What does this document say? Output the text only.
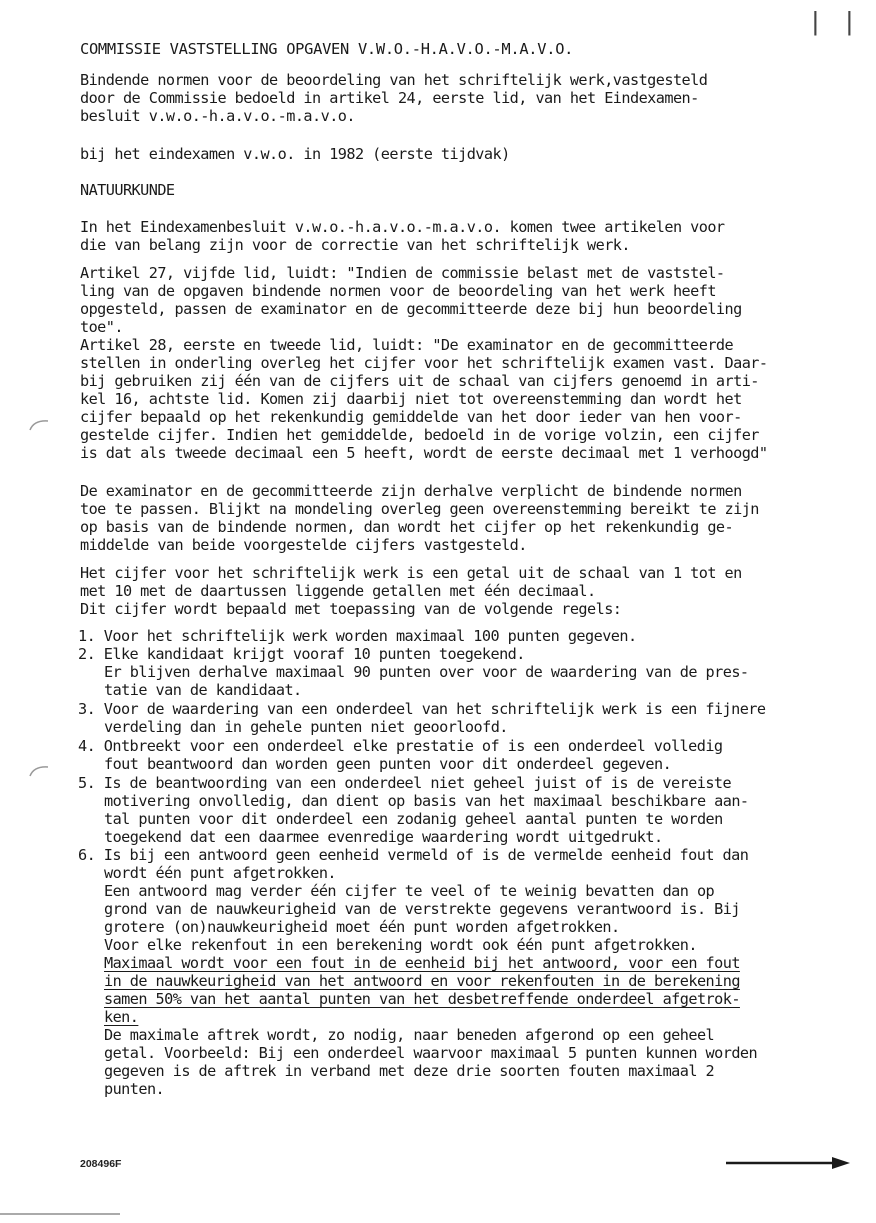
| |
COMMISSIE VASTSTELLING OPGAVEN V.W.O.-H.A.V.O.-M.A.V.O.
Bindende normen voor de beoordeling van het schriftelijk werk,vastgesteld
door de Commissie bedoeld in artikel 24, eerste lid, van het Eindexamen-
besluit v.w.o.-h.a.v.o.-m.a.v.o.
bij het eindexamen v.w.o. in 1982 (eerste tijdvak)
NATUURKUNDE
In het Eindexamenbesluit v.w.o.-h.a.v.o.-m.a.v.o. komen twee artikelen voor
die van belang zijn voor de correctie van het schriftelijk werk.
Artikel 27, vijfde lid, luidt: "Indien de commissie belast met de vaststel-
ling van de opgaven bindende normen voor de beoordeling van het werk heeft
opgesteld, passen de examinator en de gecommitteerde deze bij hun beoordeling
toe".
Artikel 28, eerste en tweede lid, luidt: "De examinator en de gecommitteerde
stellen in onderling overleg het cijfer voor het schriftelijk examen vast. Daar-
bij gebruiken zij één van de cijfers uit de schaal van cijfers genoemd in arti-
kel 16, achtste lid. Komen zij daarbij niet tot overeenstemming dan wordt het
cijfer bepaald op het rekenkundig gemiddelde van het door ieder van hen voor-
gestelde cijfer. Indien het gemiddelde, bedoeld in de vorige volzin, een cijfer
is dat als tweede decimaal een 5 heeft, wordt de eerste decimaal met 1 verhoogd"
De examinator en de gecommitteerde zijn derhalve verplicht de bindende normen
toe te passen. Blijkt na mondeling overleg geen overeenstemming bereikt te zijn
op basis van de bindende normen, dan wordt het cijfer op het rekenkundig ge-
middelde van beide voorgestelde cijfers vastgesteld.
Het cijfer voor het schriftelijk werk is een getal uit de schaal van 1 tot en
met 10 met de daartussen liggende getallen met één decimaal.
Dit cijfer wordt bepaald met toepassing van de volgende regels:
1. Voor het schriftelijk werk worden maximaal 100 punten gegeven.
2. Elke kandidaat krijgt vooraf 10 punten toegekend.
Er blijven derhalve maximaal 90 punten over voor de waardering van de pres-
tatie van de kandidaat.
3. Voor de waardering van een onderdeel van het schriftelijk werk is een fijnere
verdeling dan in gehele punten niet geoorloofd.
4. Ontbreekt voor een onderdeel elke prestatie of is een onderdeel volledig
fout beantwoord dan worden geen punten voor dit onderdeel gegeven.
5. Is de beantwoording van een onderdeel niet geheel juist of is de vereiste
motivering onvolledig, dan dient op basis van het maximaal beschikbare aan-
tal punten voor dit onderdeel een zodanig geheel aantal punten te worden
toegekend dat een daarmee evenredige waardering wordt uitgedrukt.
6. Is bij een antwoord geen eenheid vermeld of is de vermelde eenheid fout dan
wordt één punt afgetrokken.
Een antwoord mag verder één cijfer te veel of te weinig bevatten dan op
grond van de nauwkeurigheid van de verstrekte gegevens verantwoord is. Bij
grotere (on)nauwkeurigheid moet één punt worden afgetrokken.
Voor elke rekenfout in een berekening wordt ook één punt afgetrokken.
Maximaal wordt voor een fout in de eenheid bij het antwoord, voor een fout
in de nauwkeurigheid van het antwoord en voor rekenfouten in de berekening
samen 50% van het aantal punten van het desbetreffende onderdeel afgetrok-
ken.
De maximale aftrek wordt, zo nodig, naar beneden afgerond op een geheel
getal. Voorbeeld: Bij een onderdeel waarvoor maximaal 5 punten kunnen worden
gegeven is de aftrek in verband met deze drie soorten fouten maximaal 2
punten.
208496F
